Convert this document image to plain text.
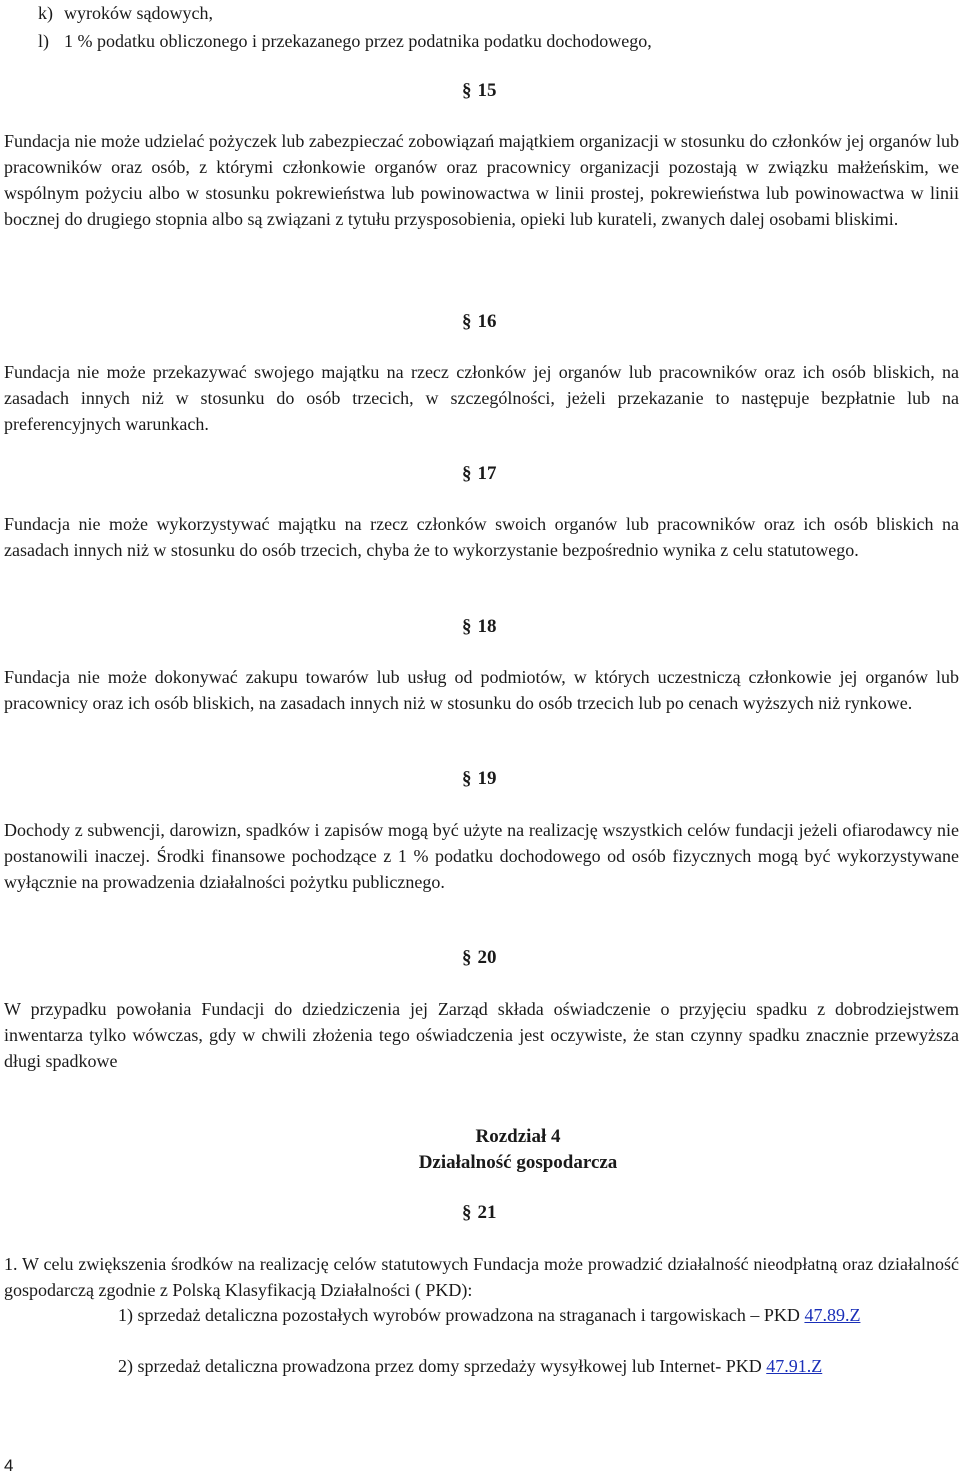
k) wyroków sądowych,
l) 1 % podatku obliczonego i przekazanego przez podatnika podatku dochodowego,
§ 15

Fundacja nie może udzielać pożyczek lub zabezpieczać zobowiązań majątkiem organizacji w stosunku do członków jej organów lub pracowników oraz osób, z którymi członkowie organów oraz pracownicy organizacji pozostają w związku małżeńskim, we wspólnym pożyciu albo w stosunku pokrewieństwa lub powinowactwa w linii prostej, pokrewieństwa lub powinowactwa w linii bocznej do drugiego stopnia albo są związani z tytułu przysposobienia, opieki lub kurateli, zwanych dalej osobami bliskimi.

§ 16

Fundacja nie może przekazywać swojego majątku na rzecz członków jej organów lub pracowników oraz ich osób bliskich, na zasadach innych niż w stosunku do osób trzecich, w szczególności, jeżeli przekazanie to następuje bezpłatnie lub na preferencyjnych warunkach.

§ 17

Fundacja nie może wykorzystywać majątku na rzecz członków swoich organów lub pracowników oraz ich osób bliskich na zasadach innych niż w stosunku do osób trzecich, chyba że to wykorzystanie bezpośrednio wynika z celu statutowego.

§ 18

Fundacja nie może dokonywać zakupu towarów lub usług od podmiotów, w których uczestniczą członkowie jej organów lub pracownicy oraz ich osób bliskich, na zasadach innych niż w stosunku do osób trzecich lub po cenach wyższych niż rynkowe.

§ 19

Dochody z subwencji, darowizn, spadków i zapisów mogą być użyte na realizację wszystkich celów fundacji jeżeli ofiarodawcy nie postanowili inaczej. Środki finansowe pochodzące z 1 % podatku dochodowego od osób fizycznych mogą być wykorzystywane wyłącznie na prowadzenia działalności pożytku publicznego.

§ 20

W przypadku powołania Fundacji do dziedziczenia jej Zarząd składa oświadczenie o przyjęciu spadku z dobrodziejstwem inwentarza tylko wówczas, gdy w chwili złożenia tego oświadczenia jest oczywiste, że stan czynny spadku znacznie przewyższa długi spadkowe

Rozdział 4
Działalność gospodarcza
§ 21

1. W celu zwiększenia środków na realizację celów statutowych Fundacja może prowadzić działalność nieodpłatną oraz działalność gospodarczą zgodnie z Polską Klasyfikacją Działalności ( PKD):

1) sprzedaż detaliczna pozostałych wyrobów prowadzona na straganach i targowiskach – PKD 47.89.Z

2) sprzedaż detaliczna prowadzona przez domy sprzedaży wysyłkowej lub Internet- PKD 47.91.Z

4
